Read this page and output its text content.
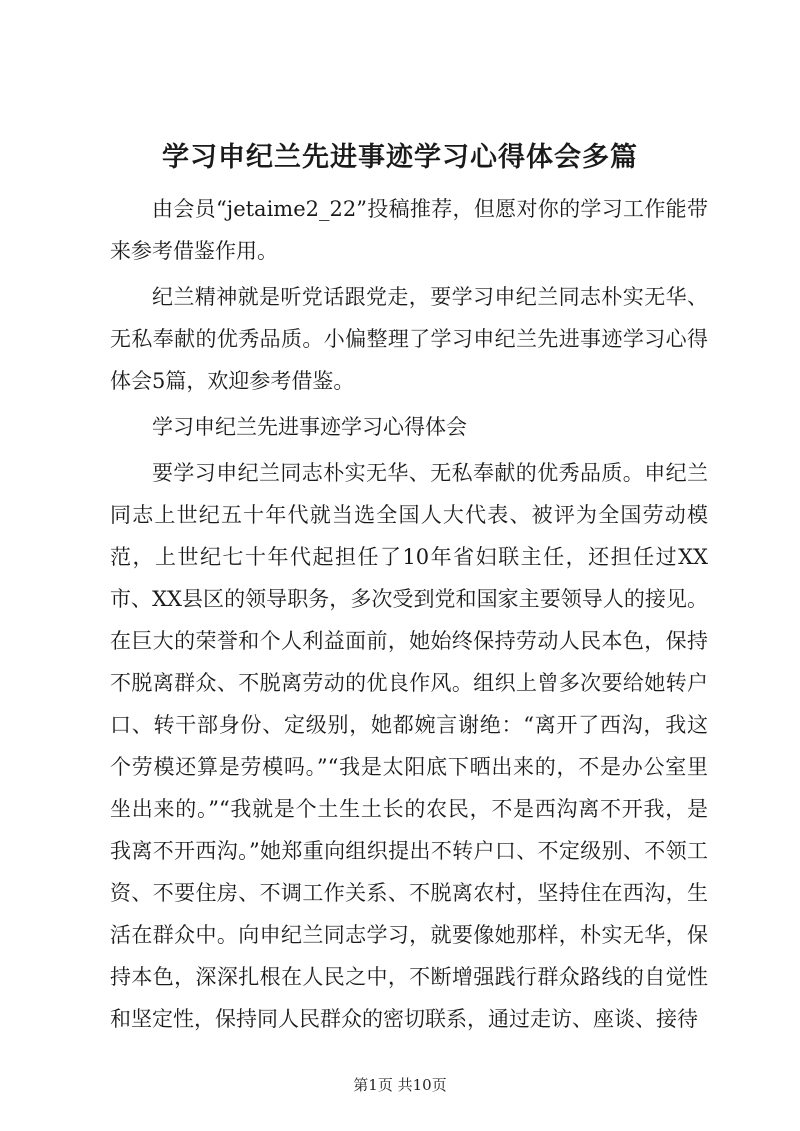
学习申纪兰先进事迹学习心得体会多篇

由会员“jetaime2_22”投稿推荐，但愿对你的学习工作能带来参考借鉴作用。

纪兰精神就是听党话跟党走，要学习申纪兰同志朴实无华、无私奉献的优秀品质。小偏整理了学习申纪兰先进事迹学习心得体会5篇，欢迎参考借鉴。

学习申纪兰先进事迹学习心得体会

要学习申纪兰同志朴实无华、无私奉献的优秀品质。申纪兰同志上世纪五十年代就当选全国人大代表、被评为全国劳动模范，上世纪七十年代起担任了10年省妇联主任，还担任过XX市、XX县区的领导职务，多次受到党和国家主要领导人的接见。在巨大的荣誉和个人利益面前，她始终保持劳动人民本色，保持不脱离群众、不脱离劳动的优良作风。组织上曾多次要给她转户口、转干部身份、定级别，她都婉言谢绝：“离开了西沟，我这个劳模还算是劳模吗。”“我是太阳底下晒出来的，不是办公室里坐出来的。”“我就是个土生土长的农民，不是西沟离不开我，是我离不开西沟。”她郑重向组织提出不转户口、不定级别、不领工资、不要住房、不调工作关系、不脱离农村，坚持住在西沟，生活在群众中。向申纪兰同志学习，就要像她那样，朴实无华，保持本色，深深扎根在人民之中，不断增强践行群众路线的自觉性和坚定性，保持同人民群众的密切联系，通过走访、座谈、接待

第1页 共10页
